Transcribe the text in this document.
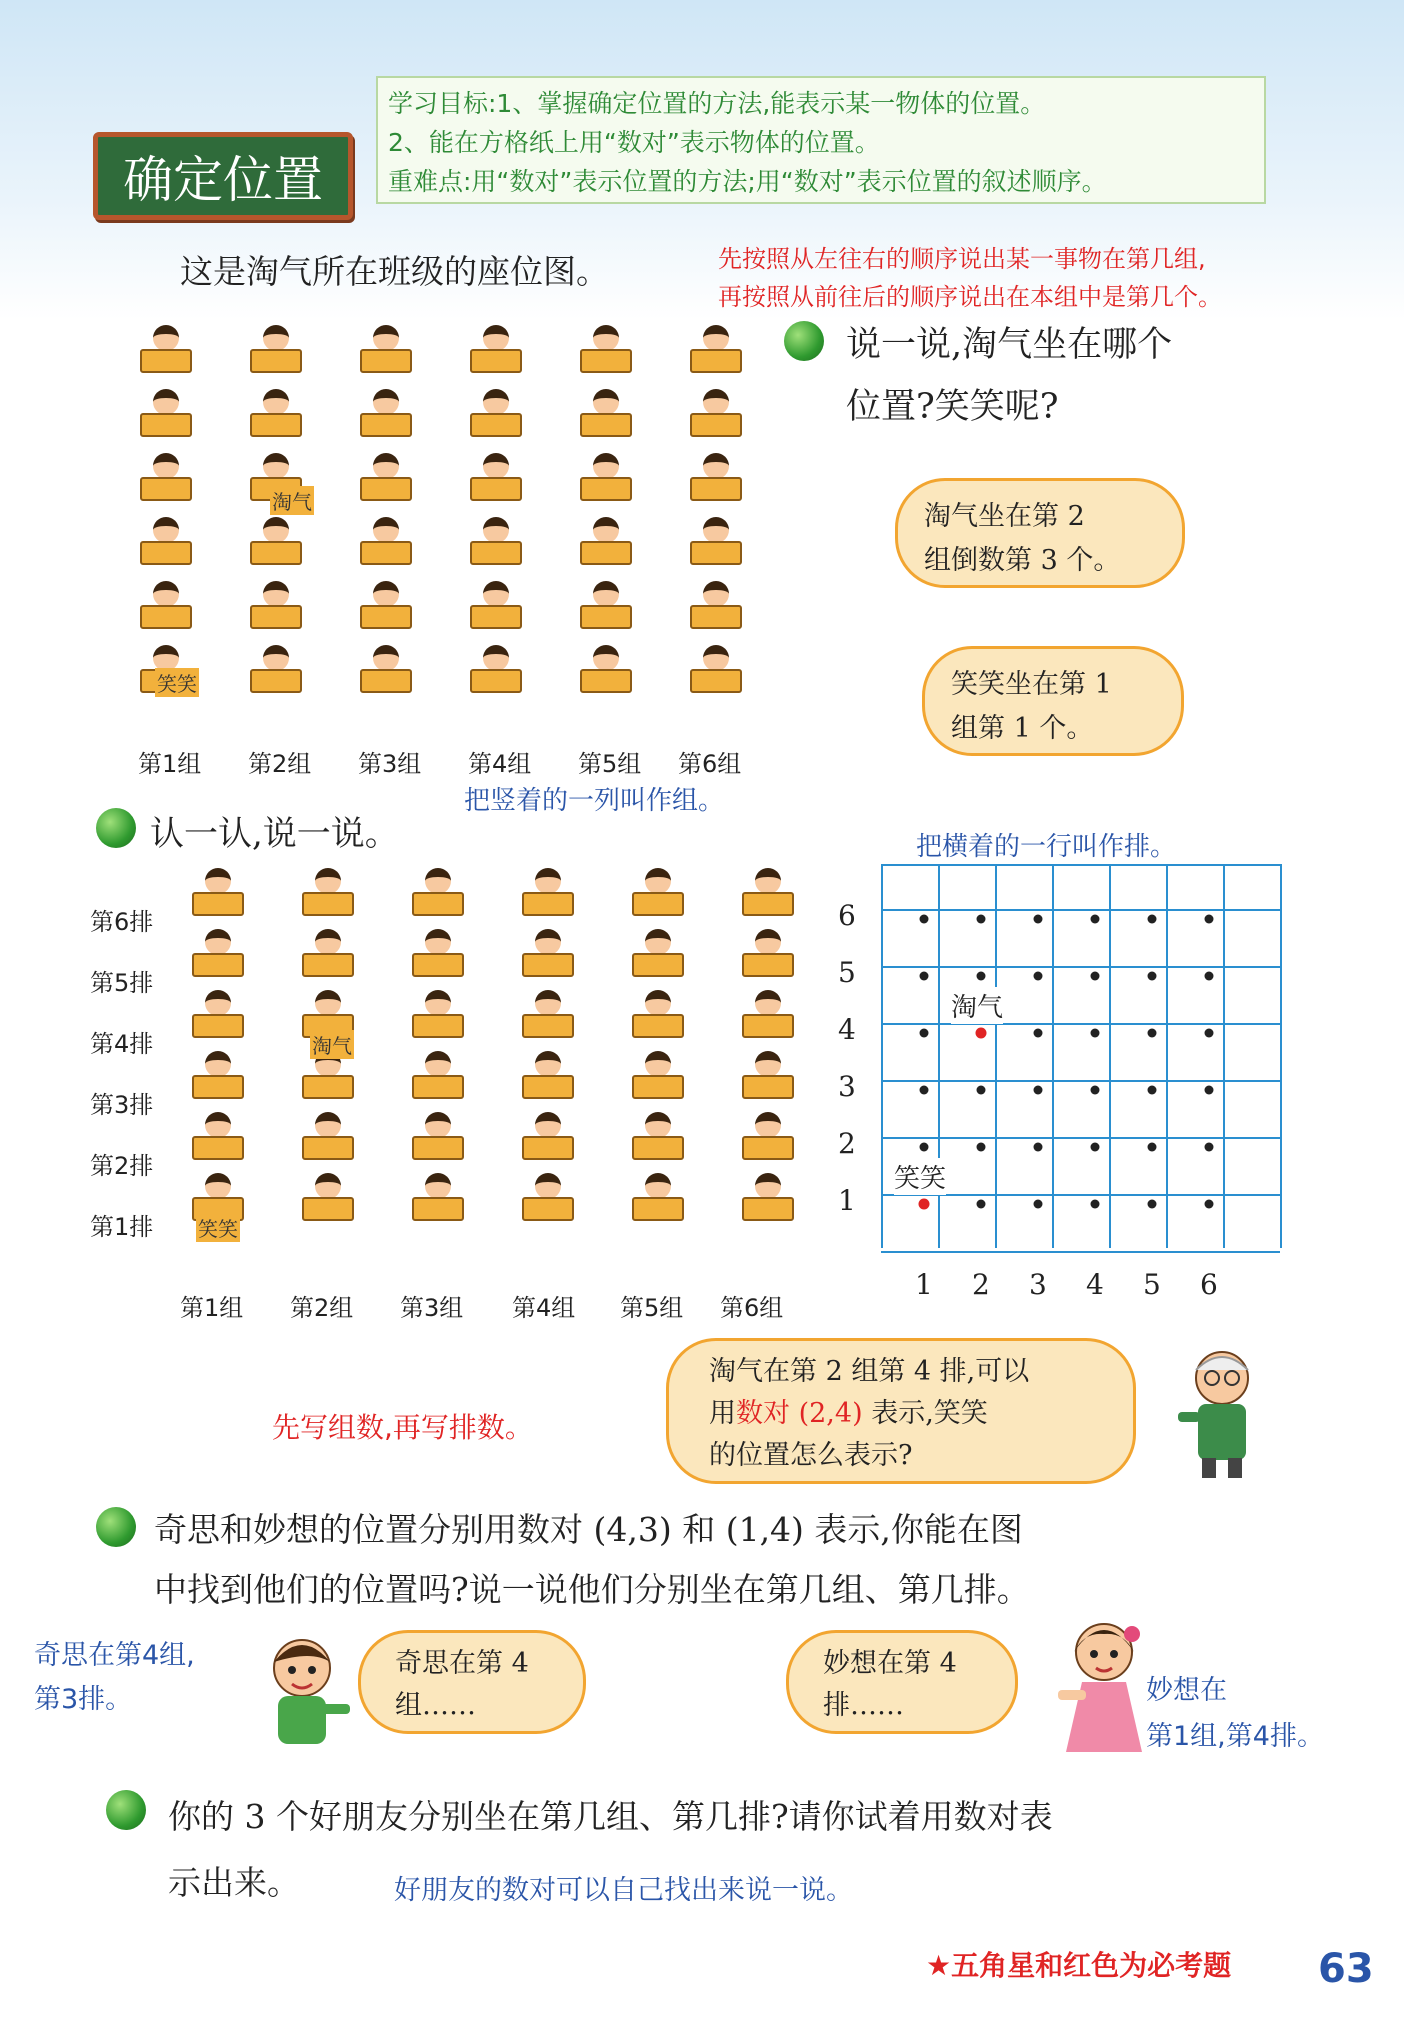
确定位置
学习目标:1、掌握确定位置的方法,能表示某一物体的位置。
2、能在方格纸上用“数对”表示物体的位置。
重难点:用“数对”表示位置的方法;用“数对”表示位置的叙述顺序。
这是淘气所在班级的座位图。	先按照从左往右的顺序说出某一事物在第几组,
再按照从前往后的顺序说出在本组中是第几个。
说一说,淘气坐在哪个
位置?笑笑呢?
淘气坐在第 2
组倒数第 3 个。
笑笑坐在第 1
组第 1 个。
第1组 第2组 第3组 第4组 第5组 第6组
淘气
笑笑
把竖着的一列叫作组。
认一认,说一说。	把横着的一行叫作排。
第6排
第5排
第4排
第3排
第2排
第1排
第1组 第2组 第3组 第4组 第5组 第6组
淘气
笑笑
1 2 3 4 5 6
6
5
4
3
2
1
淘气
笑笑
淘气在第 2 组第 4 排,可以
用数对 (2,4) 表示,笑笑
的位置怎么表示?
先写组数,再写排数。
奇思和妙想的位置分别用数对 (4,3) 和 (1,4) 表示,你能在图
中找到他们的位置吗?说一说他们分别坐在第几组、第几排。
奇思在第4组,
第3排。
奇思在第 4
组……
妙想在第 4
排……	妙想在
第1组,第4排。
你的 3 个好朋友分别坐在第几组、第几排?请你试着用数对表
示出来。	好朋友的数对可以自己找出来说一说。
★五角星和红色为必考题 63
